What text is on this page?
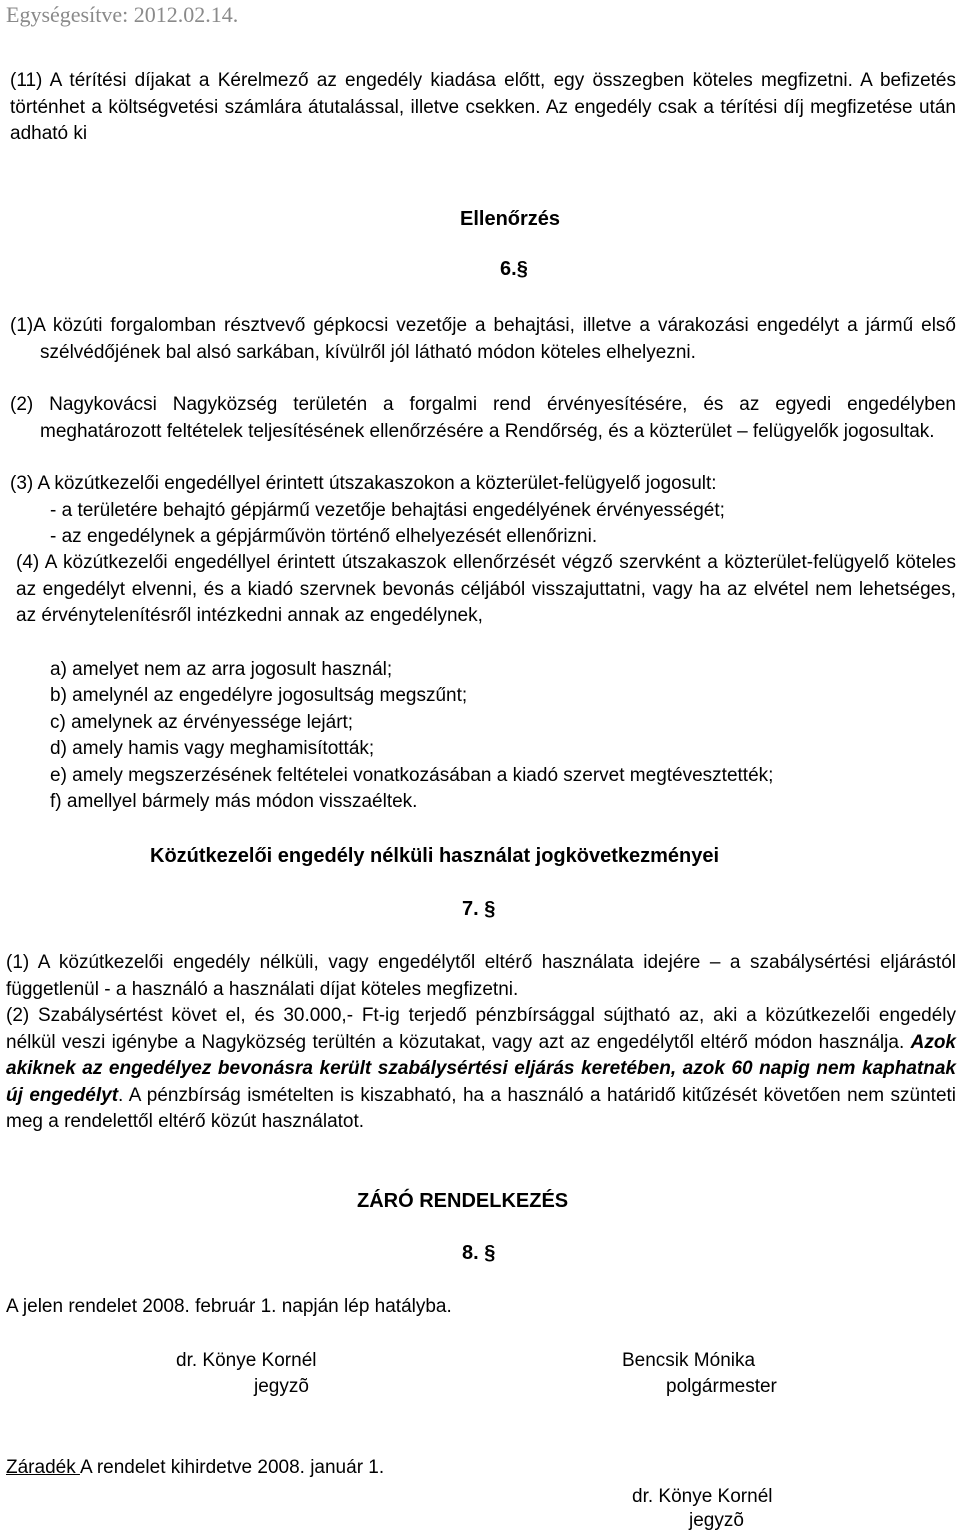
Egységesítve: 2012.02.14.

(11) A térítési díjakat a Kérelmező az engedély kiadása előtt, egy összegben köteles megfizetni. A befizetés történhet a költségvetési számlára átutalással, illetve csekken. Az engedély csak a térítési díj megfizetése után adható ki

Ellenőrzés
6.§

(1)A közúti forgalomban résztvevő gépkocsi vezetője a behajtási, illetve a várakozási engedélyt a jármű első szélvédőjének bal alsó sarkában, kívülről jól látható módon köteles elhelyezni.

(2) Nagykovácsi Nagyközség területén a forgalmi rend érvényesítésére, és az egyedi engedélyben meghatározott feltételek teljesítésének ellenőrzésére a Rendőrség, és a közterület – felügyelők jogosultak.

(3) A közútkezelői engedéllyel érintett útszakaszokon a közterület-felügyelő jogosult:
- a területére behajtó gépjármű vezetője behajtási engedélyének érvényességét;
- az engedélynek a gépjárművön történő elhelyezését ellenőrizni.

(4) A közútkezelői engedéllyel érintett útszakaszok ellenőrzését végző szervként a közterület-felügyelő köteles az engedélyt elvenni, és a kiadó szervnek bevonás céljából visszajuttatni, vagy ha az elvétel nem lehetséges, az érvénytelenítésről intézkedni annak az engedélynek,

a) amelyet nem az arra jogosult használ;
b) amelynél az engedélyre jogosultság megszűnt;
c) amelynek az érvényessége lejárt;
d) amely hamis vagy meghamisították;
e) amely megszerzésének feltételei vonatkozásában a kiadó szervet megtévesztették;
f) amellyel bármely más módon visszaéltek.
Közútkezelői engedély nélküli használat jogkövetkezményei
7. §

(1) A közútkezelői engedély nélküli, vagy engedélytől eltérő használata idejére – a szabálysértési eljárástól függetlenül - a használó a használati díjat köteles megfizetni.

(2) Szabálysértést követ el, és 30.000,- Ft-ig terjedő pénzbírsággal sújtható az, aki a közútkezelői engedély nélkül veszi igénybe a Nagyközség terültén a közutakat, vagy azt az engedélytől eltérő módon használja. Azok akiknek az engedélyez bevonásra került szabálysértési eljárás keretében, azok 60 napig nem kaphatnak új engedélyt. A pénzbírság ismételten is kiszabható, ha a használó a határidő kitűzését követően nem szünteti meg a rendelettől eltérő közút használatot.

ZÁRÓ RENDELKEZÉS
8. §
A jelen rendelet 2008. február 1. napján lép hatályba.
dr. Könye Kornél
jegyzõ
Bencsik Mónika
polgármester
Záradék A rendelet kihirdetve 2008. január 1.
dr. Könye Kornél
jegyzõ
